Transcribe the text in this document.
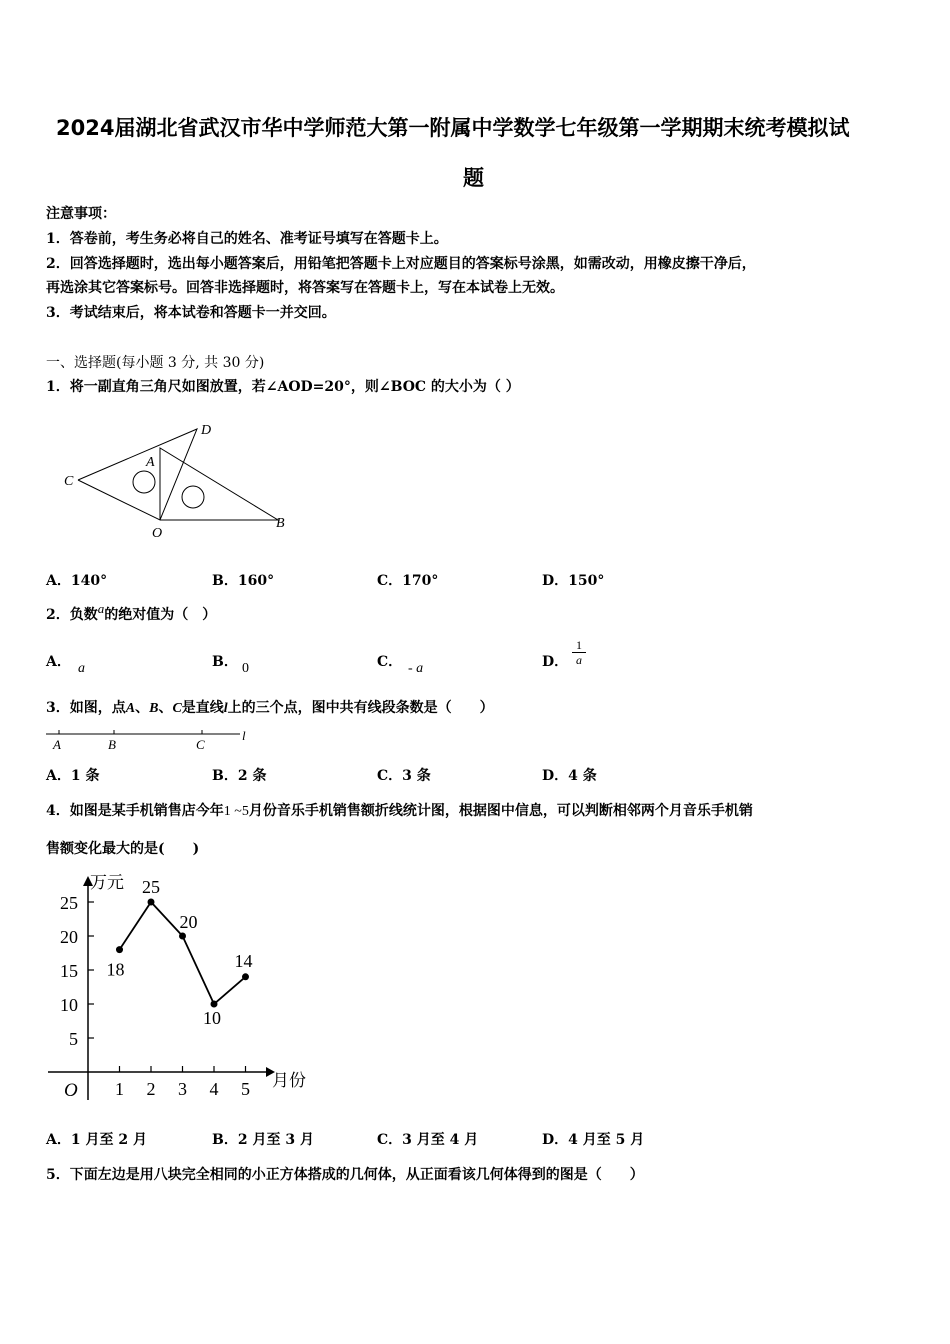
2024届湖北省武汉市华中学师范大第一附属中学数学七年级第一学期期末统考模拟试
题
注意事项：
1．答卷前，考生务必将自己的姓名、准考证号填写在答题卡上。
2．回答选择题时，选出每小题答案后，用铅笔把答题卡上对应题目的答案标号涂黑，如需改动，用橡皮擦干净后，
再选涂其它答案标号。回答非选择题时，将答案写在答题卡上，写在本试卷上无效。
3．考试结束后，将本试卷和答题卡一并交回。
一、选择题(每小题 3 分, 共 30 分)
1．将一副直角三角尺如图放置，若∠AOD=20°，则∠BOC 的大小为（ ）
C
A
D
O
B
A．140°	B．160°	C．170°	D．150°
2．负数a的绝对值为（　）
A． a	B． 0	C． - a	D． $\frac{1}{a}$
3．如图，点A、B、C是直线l上的三个点，图中共有线段条数是（　　）
A	B	C
l
A．1 条	B．2 条	C．3 条	D．4 条
4．如图是某手机销售店今年1 ~5月份音乐手机销售额折线统计图，根据图中信息，可以判断相邻两个月音乐手机销
售额变化最大的是(　　)
万元
月份
O
5
10
15
20
25
1 2 3 4 5
18
25
20
10
14
A．1 月至 2 月	B．2 月至 3 月	C．3 月至 4 月	D．4 月至 5 月
5．下面左边是用八块完全相同的小正方体搭成的几何体，从正面看该几何体得到的图是（　　）
